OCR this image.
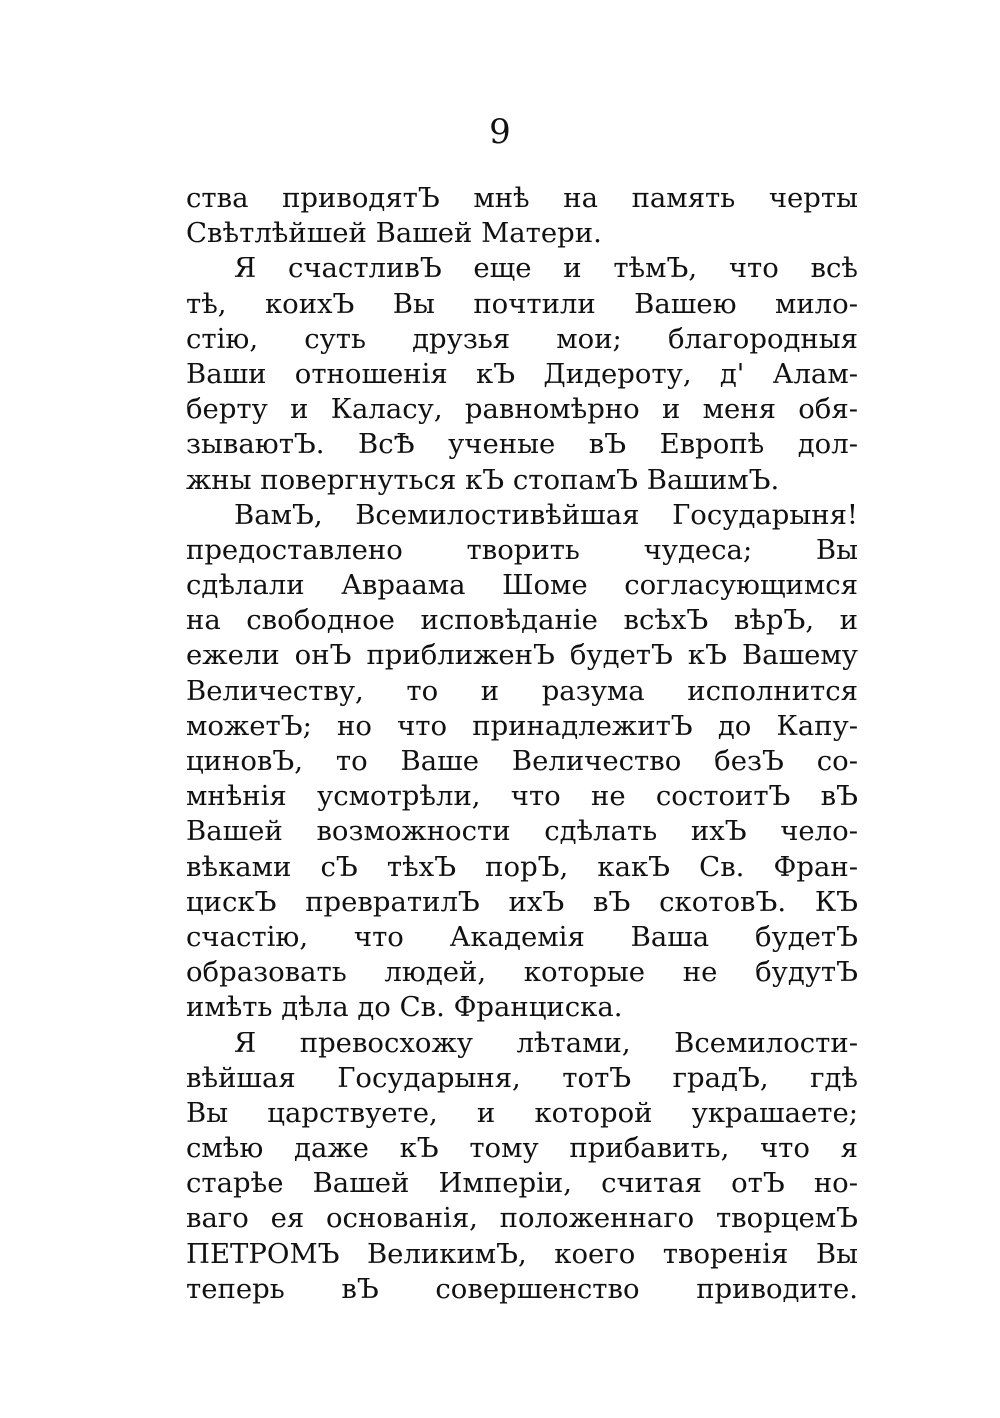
9
ства приводятЪ мнѣ на память черты
Свѣтлѣйшей Вашей Матери.
Я счастливЪ еще и тѣмЪ, что всѣ
тѣ, коихЪ Вы почтили Вашею мило-
стію, суть друзья мои; благородныя
Ваши отношенія кЪ Дидероту, д' Алам-
берту и Каласу, равномѣрно и меня обя-
зываютЪ. ВсѢ ученые вЪ Европѣ дол-
жны повергнуться кЪ стопамЪ ВашимЪ.
ВамЪ, Всемилостивѣйшая Государыня!
предоставлено творить чудеса; Вы
сдѣлали Авраама Шоме согласующимся
на свободное исповѣданіе всѣхЪ вѣрЪ, и
ежели онЪ приближенЪ будетЪ кЪ Вашему
Величеству, то и разума исполнится
можетЪ; но что принадлежитЪ до Капу-
циновЪ, то Ваше Величество безЪ со-
мнѣнія усмотрѣли, что не состоитЪ вЪ
Вашей возможности сдѣлать ихЪ чело-
вѣками сЪ тѣхЪ порЪ, какЪ Св. Фран-
цискЪ превратилЪ ихЪ вЪ скотовЪ. КЪ
счастію, что Академія Ваша будетЪ
образовать людей, которые не будутЪ
имѣть дѣла до Св. Франциска.
Я превосхожу лѣтами, Всемилости-
вѣйшая Государыня, тотЪ градЪ, гдѣ
Вы царствуете, и которой украшаете;
смѣю даже кЪ тому прибавить, что я
старѣе Вашей Имперіи, считая отЪ но-
ваго ея основанія, положеннаго творцемЪ
ПЕТРОМЪ ВеликимЪ, коего творенія Вы
теперь вЪ совершенство приводите.
